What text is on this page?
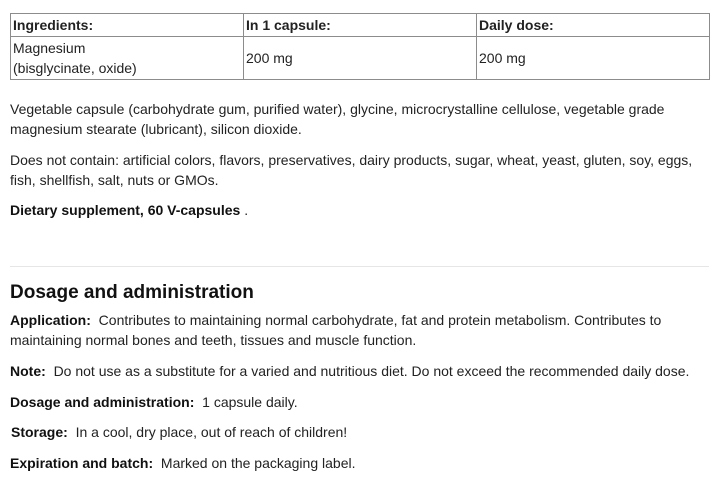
Ingredients:	In 1 capsule:	Daily dose:

Magnesium
(bisglycinate, oxide)	200 mg	200 mg

Vegetable capsule (carbohydrate gum, purified water), glycine, microcrystalline cellulose, vegetable grade magnesium stearate (lubricant), silicon dioxide.

Does not contain: artificial colors, flavors, preservatives, dairy products, sugar, wheat, yeast, gluten, soy, eggs, fish, shellfish, salt, nuts or GMOs.

Dietary supplement, 60 V-capsules .

Dosage and administration

Application: Contributes to maintaining normal carbohydrate, fat and protein metabolism. Contributes to maintaining normal bones and teeth, tissues and muscle function.

Note: Do not use as a substitute for a varied and nutritious diet. Do not exceed the recommended daily dose.

Dosage and administration: 1 capsule daily.

Storage: In a cool, dry place, out of reach of children!

Expiration and batch: Marked on the packaging label.
